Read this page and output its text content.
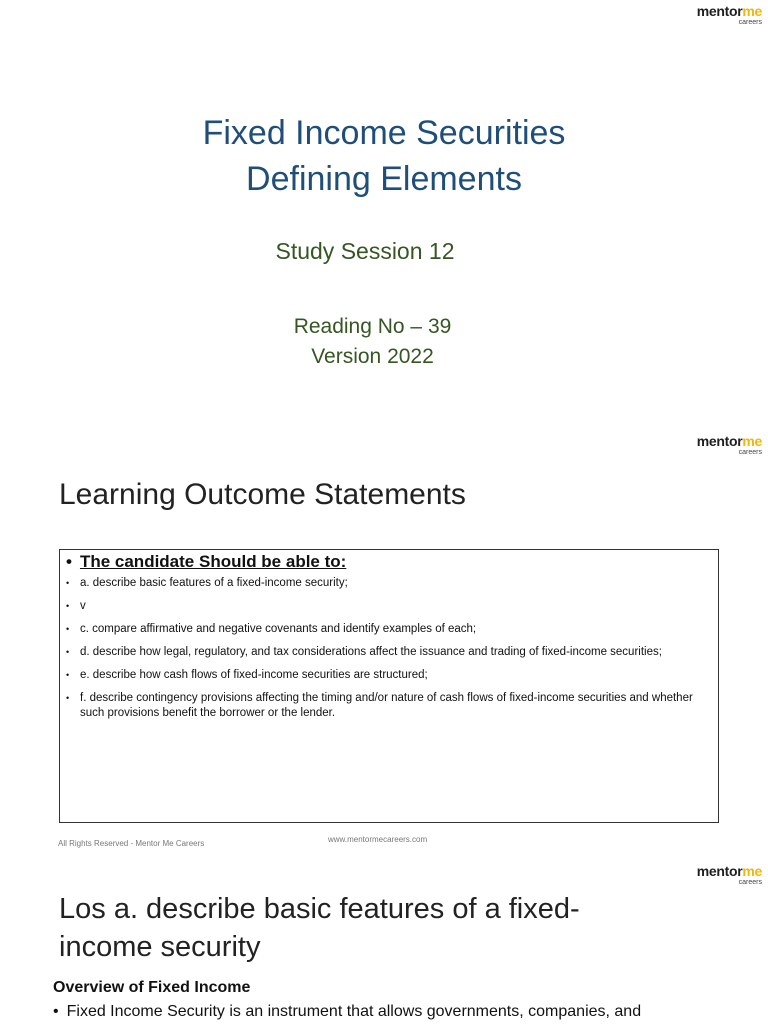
mentorme
careers
Fixed Income Securities
Defining Elements
Study Session 12
Reading No – 39
Version 2022
mentorme
careers
Learning Outcome Statements
• The candidate Should be able to:
• a. describe basic features of a fixed-income security;
• v
• c. compare affirmative and negative covenants and identify examples of each;
• d. describe how legal, regulatory, and tax considerations affect the issuance and trading of fixed-income securities;
• e. describe how cash flows of fixed-income securities are structured;
• f. describe contingency provisions affecting the timing and/or nature of cash flows of fixed-income securities and whether such provisions benefit the borrower or the lender.
All Rights Reserved - Mentor Me Careers	www.mentormecareers.com
mentorme
careers
Los a. describe basic features of a fixed-income security
Overview of Fixed Income
• Fixed Income Security is an instrument that allows governments, companies, and
